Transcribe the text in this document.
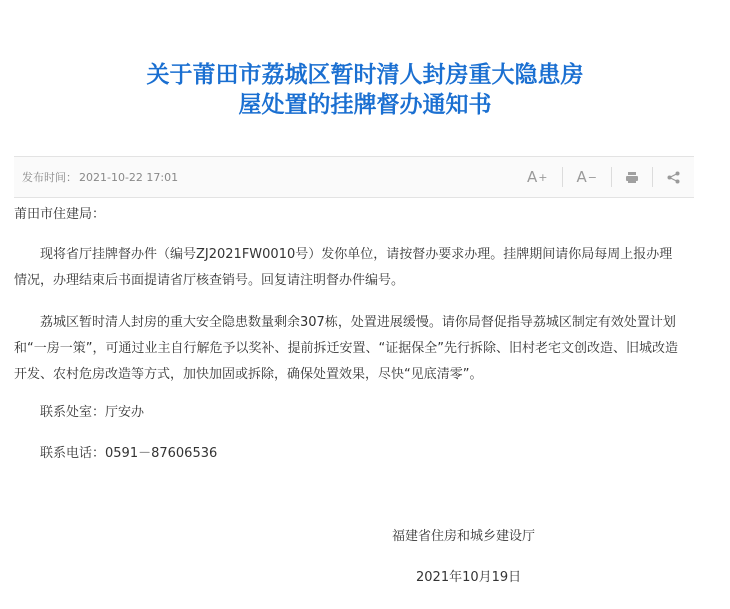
关于莆田市荔城区暂时清人封房重大隐患房
屋处置的挂牌督办通知书
发布时间： 2021-10-22 17:01	A + A −

莆田市住建局：

现将省厅挂牌督办件（编号ZJ2021FW0010号）发你单位，请按督办要求办理。挂牌期间请你局每周上报办理情况，办理结束后书面提请省厅核查销号。回复请注明督办件编号。

荔城区暂时清人封房的重大安全隐患数量剩余307栋，处置进展缓慢。请你局督促指导荔城区制定有效处置计划和“一房一策”，可通过业主自行解危予以奖补、提前拆迁安置、“证据保全”先行拆除、旧村老宅文创改造、旧城改造开发、农村危房改造等方式，加快加固或拆除，确保处置效果，尽快“见底清零”。

联系处室：厅安办

联系电话：0591－87606536

福建省住房和城乡建设厅

2021年10月19日
